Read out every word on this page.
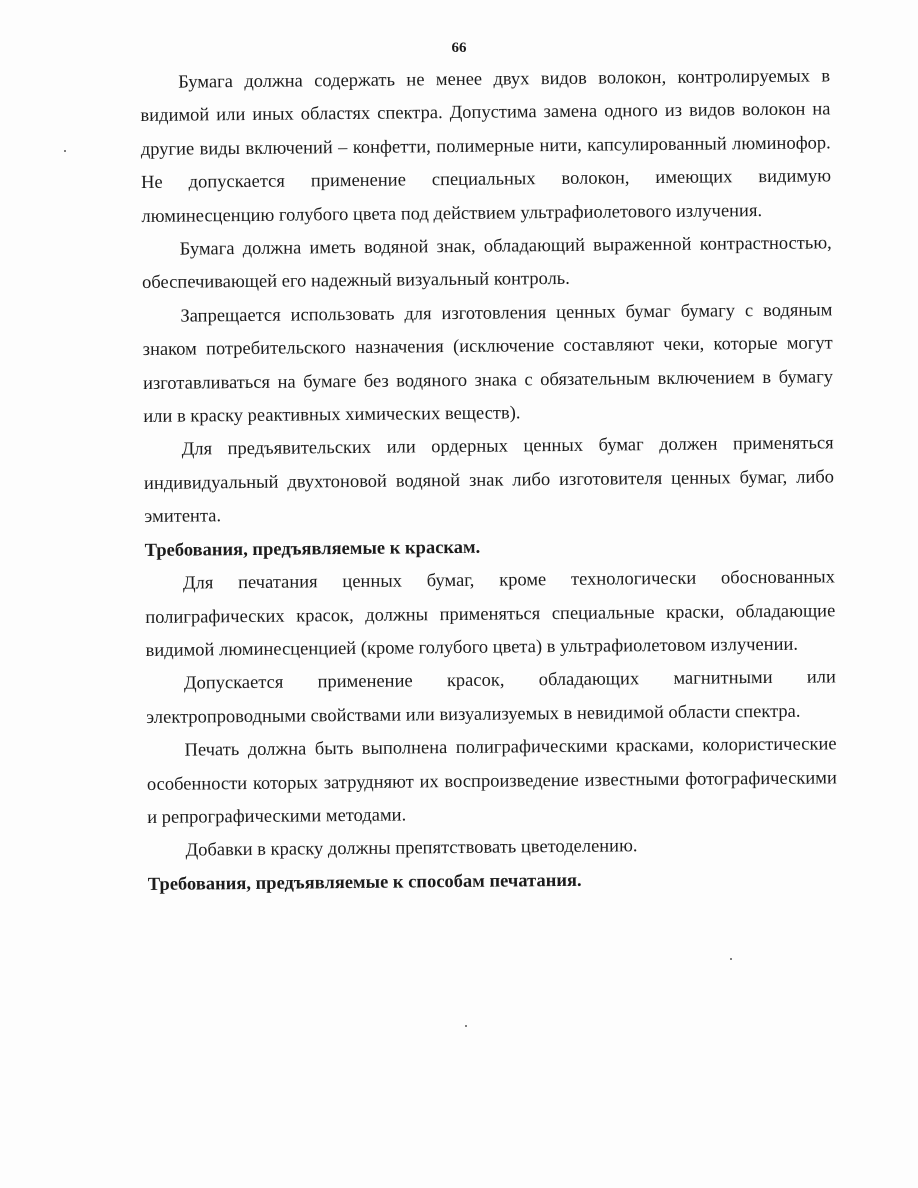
66

Бумага должна содержать не менее двух видов волокон, контролируемых в видимой или иных областях спектра. Допустима замена одного из видов волокон на другие виды включений – конфетти, полимерные нити, капсулированный люминофор. Не допускается применение специальных волокон, имеющих видимую люминесценцию голубого цвета под действием ультрафиолетового излучения.

Бумага должна иметь водяной знак, обладающий выраженной контрастностью, обеспечивающей его надежный визуальный контроль.

Запрещается использовать для изготовления ценных бумаг бумагу с водяным знаком потребительского назначения (исключение составляют чеки, которые могут изготавливаться на бумаге без водяного знака с обязательным включением в бумагу или в краску реактивных химических веществ).

Для предъявительских или ордерных ценных бумаг должен применяться индивидуальный двухтоновой водяной знак либо изготовителя ценных бумаг, либо эмитента.

Требования, предъявляемые к краскам.

Для печатания ценных бумаг, кроме технологически обоснованных полиграфических красок, должны применяться специальные краски, обладающие видимой люминесценцией (кроме голубого цвета) в ультрафиолетовом излучении.

Допускается применение красок, обладающих магнитными или электропроводными свойствами или визуализуемых в невидимой области спектра.

Печать должна быть выполнена полиграфическими красками, колористические особенности которых затрудняют их воспроизведение известными фотографическими и репрографическими методами.

Добавки в краску должны препятствовать цветоделению.

Требования, предъявляемые к способам печатания.
